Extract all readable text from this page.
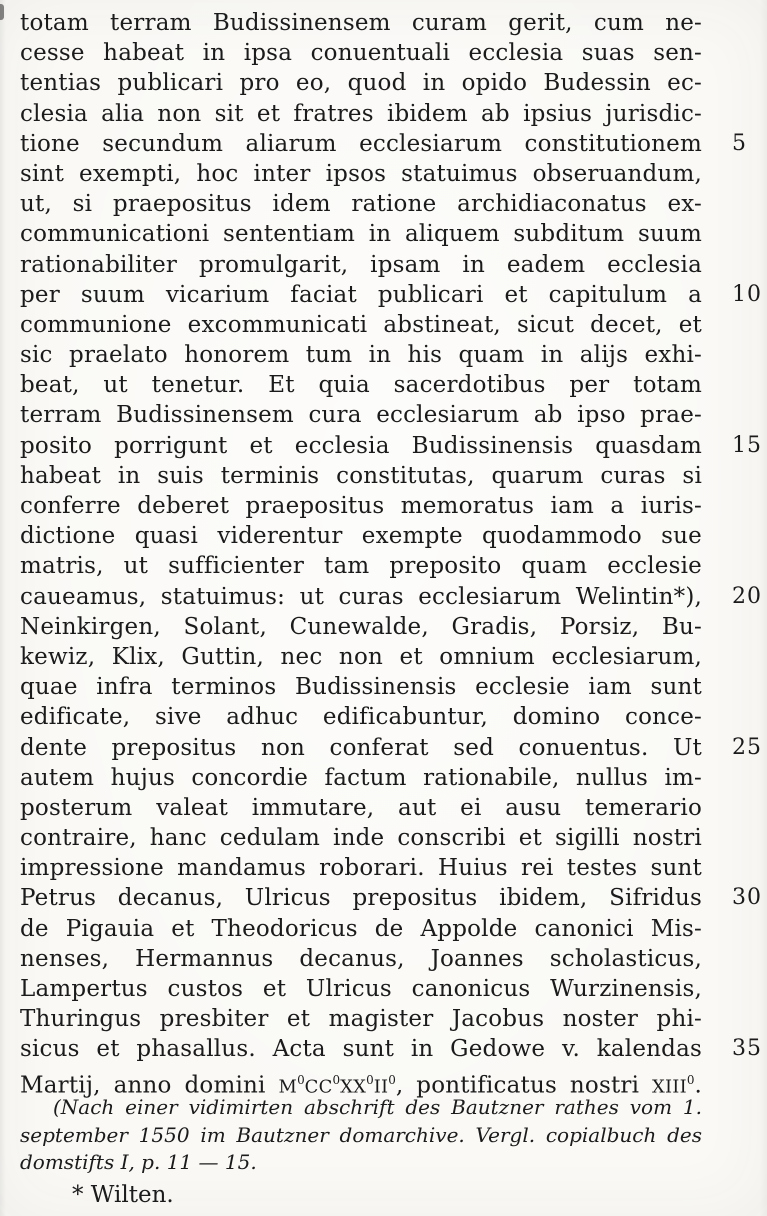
totam terram Budissinensem curam gerit, cum ne-
cesse habeat in ipsa conuentuali ecclesia suas sen-
tentias publicari pro eo, quod in opido Budessin ec-
clesia alia non sit et fratres ibidem ab ipsius jurisdic-
tione secundum aliarum ecclesiarum constitutionem 5
sint exempti, hoc inter ipsos statuimus obseruandum,
ut, si praepositus idem ratione archidiaconatus ex-
communicationi sententiam in aliquem subditum suum
rationabiliter promulgarit, ipsam in eadem ecclesia
per suum vicarium faciat publicari et capitulum a 10
communione excommunicati abstineat, sicut decet, et
sic praelato honorem tum in his quam in alijs exhi-
beat, ut tenetur. Et quia sacerdotibus per totam
terram Budissinensem cura ecclesiarum ab ipso prae-
posito porrigunt et ecclesia Budissinensis quasdam 15
habeat in suis terminis constitutas, quarum curas si
conferre deberet praepositus memoratus iam a iuris-
dictione quasi viderentur exempte quodammodo sue
matris, ut sufficienter tam preposito quam ecclesie
caueamus, statuimus: ut curas ecclesiarum Welintin*), 20
Neinkirgen, Solant, Cunewalde, Gradis, Porsiz, Bu-
kewiz, Klix, Guttin, nec non et omnium ecclesiarum,
quae infra terminos Budissinensis ecclesie iam sunt
edificate, sive adhuc edificabuntur, domino conce-
dente prepositus non conferat sed conuentus. Ut 25
autem hujus concordie factum rationabile, nullus im-
posterum valeat immutare, aut ei ausu temerario
contraire, hanc cedulam inde conscribi et sigilli nostri
impressione mandamus roborari. Huius rei testes sunt
Petrus decanus, Ulricus prepositus ibidem, Sifridus 30
de Pigauia et Theodoricus de Appolde canonici Mis-
nenses, Hermannus decanus, Joannes scholasticus,
Lampertus custos et Ulricus canonicus Wurzinensis,
Thuringus presbiter et magister Jacobus noster phi-
sicus et phasallus. Acta sunt in Gedowe v. kalendas 35
Martij, anno domini $M^0CC^0XX^0II^0$, pontificatus nostri XIII$^0$.
(Nach einer vidimirten abschrift des Bautzner rathes vom 1.
september 1550 im Bautzner domarchive. Vergl. copialbuch des
domstifts I, p. 11 — 15.
* Wilten.
